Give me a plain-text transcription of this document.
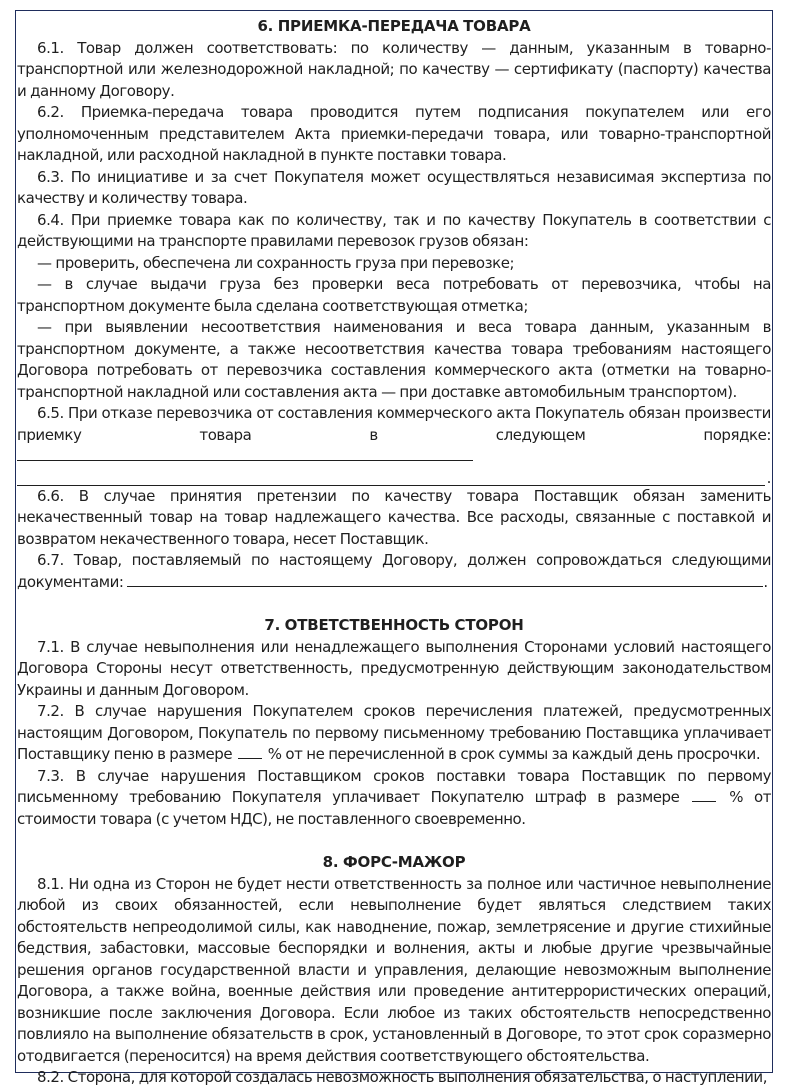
6. ПРИЕМКА-ПЕРЕДАЧА ТОВАРА

6.1. Товар должен соответствовать: по количеству — данным, указанным в товарно-транспортной или железнодорожной накладной; по качеству — сертификату (паспорту) качества и данному Договору.

6.2. Приемка-передача товара проводится путем подписания покупателем или его уполномоченным представителем Акта приемки-передачи товара, или товарно-транспортной накладной, или расходной накладной в пункте поставки товара.

6.3. По инициативе и за счет Покупателя может осуществляться независимая экспертиза по качеству и количеству товара.

6.4. При приемке товара как по количеству, так и по качеству Покупатель в соответствии с действующими на транспорте правилами перевозок грузов обязан:

— проверить, обеспечена ли сохранность груза при перевозке;

— в случае выдачи груза без проверки веса потребовать от перевозчика, чтобы на транспортном документе была сделана соответствующая отметка;

— при выявлении несоответствия наименования и веса товара данным, указанным в транспортном документе, а также несоответствия качества товара требованиям настоящего Договора потребовать от перевозчика составления коммерческого акта (отметки на товарно-транспортной накладной или составления акта — при доставке автомобильным транспортом).

6.5. При отказе перевозчика от составления коммерческого акта Покупатель обязан произвести приемку товара в следующем порядке:

.

6.6. В случае принятия претензии по качеству товара Поставщик обязан заменить некачественный товар на товар надлежащего качества. Все расходы, связанные с поставкой и возвратом некачественного товара, несет Поставщик.

6.7. Товар, поставляемый по настоящему Договору, должен сопровождаться следующими документами:	.

7. ОТВЕТСТВЕННОСТЬ СТОРОН

7.1. В случае невыполнения или ненадлежащего выполнения Сторонами условий настоящего Договора Стороны несут ответственность, предусмотренную действующим законодательством Украины и данным Договором.

7.2. В случае нарушения Покупателем сроков перечисления платежей, предусмотренных настоящим Договором, Покупатель по первому письменному требованию Поставщика уплачивает Поставщику пеню в размере % от не перечисленной в срок суммы за каждый день просрочки.

7.3. В случае нарушения Поставщиком сроков поставки товара Поставщик по первому письменному требованию Покупателя уплачивает Покупателю штраф в размере	% от стоимости товара (с учетом НДС), не поставленного своевременно.

8. ФОРС-МАЖОР

8.1. Ни одна из Сторон не будет нести ответственность за полное или частичное невыполнение любой из своих обязанностей, если невыполнение будет являться следствием таких обстоятельств непреодолимой силы, как наводнение, пожар, землетрясение и другие стихийные бедствия, забастовки, массовые беспорядки и волнения, акты и любые другие чрезвычайные решения органов государственной власти и управления, делающие невозможным выполнение Договора, а также война, военные действия или проведение антитеррористических операций, возникшие после заключения Договора. Если любое из таких обстоятельств непосредственно повлияло на выполнение обязательств в срок, установленный в Договоре, то этот срок соразмерно отодвигается (переносится) на время действия соответствующего обстоятельства.

8.2. Сторона, для которой создалась невозможность выполнения обязательства, о наступлении,
